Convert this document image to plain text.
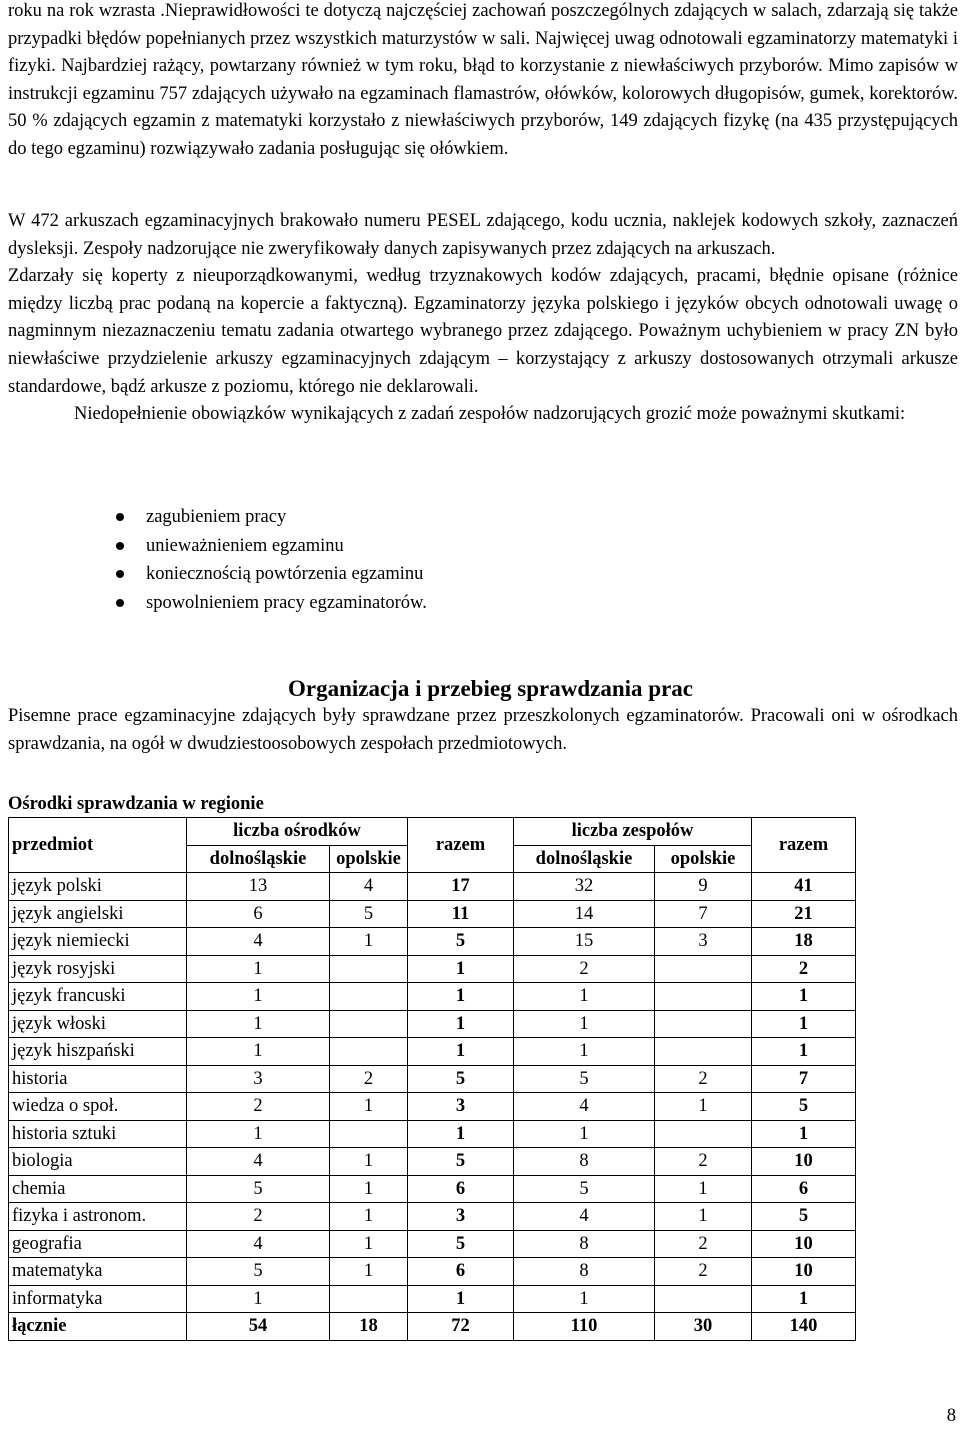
roku na rok wzrasta .Nieprawidłowości te dotyczą najczęściej zachowań poszczególnych zdających w salach, zdarzają się także przypadki błędów popełnianych przez wszystkich maturzystów w sali. Najwięcej uwag odnotowali egzaminatorzy matematyki i fizyki. Najbardziej rażący, powtarzany również w tym roku, błąd to korzystanie z niewłaściwych przyborów. Mimo zapisów w instrukcji egzaminu 757 zdających używało na egzaminach flamastrów, ołówków, kolorowych długopisów, gumek, korektorów. 50 % zdających egzamin z matematyki korzystało z niewłaściwych przyborów, 149 zdających fizykę (na 435 przystępujących do tego egzaminu) rozwiązywało zadania posługując się ołówkiem.

W 472 arkuszach egzaminacyjnych brakowało numeru PESEL zdającego, kodu ucznia, naklejek kodowych szkoły, zaznaczeń dysleksji. Zespoły nadzorujące nie zweryfikowały danych zapisywanych przez zdających na arkuszach.

Zdarzały się koperty z nieuporządkowanymi, według trzyznakowych kodów zdających, pracami, błędnie opisane (różnice między liczbą prac podaną na kopercie a faktyczną). Egzaminatorzy języka polskiego i języków obcych odnotowali uwagę o nagminnym niezaznaczeniu tematu zadania otwartego wybranego przez zdającego. Poważnym uchybieniem w pracy ZN było niewłaściwe przydzielenie arkuszy egzaminacyjnych zdającym – korzystający z arkuszy dostosowanych otrzymali arkusze standardowe, bądź arkusze z poziomu, którego nie deklarowali.

Niedopełnienie obowiązków wynikających z zadań zespołów nadzorujących grozić może poważnymi skutkami:

zagubieniem pracy
unieważnieniem egzaminu
koniecznością powtórzenia egzaminu
spowolnieniem pracy egzaminatorów.
Organizacja i przebieg sprawdzania prac

Pisemne prace egzaminacyjne zdających były sprawdzane przez przeszkolonych egzaminatorów. Pracowali oni w ośrodkach sprawdzania, na ogół w dwudziestoosobowych zespołach przedmiotowych.

Ośrodki sprawdzania w regionie
przedmiot	liczba ośrodków		razem	liczba zespołów		razem
	dolnośląskie	opolskie		dolnośląskie	opolskie	
język polski	13	4	17	32	9	41
język angielski	6	5	11	14	7	21
język niemiecki	4	1	5	15	3	18
język rosyjski	1		1	2		2
język francuski	1		1	1		1
język włoski	1		1	1		1
język hiszpański	1		1	1		1
historia	3	2	5	5	2	7
wiedza o społ.	2	1	3	4	1	5
historia sztuki	1		1	1		1
biologia	4	1	5	8	2	10
chemia	5	1	6	5	1	6
fizyka i astronom.	2	1	3	4	1	5
geografia	4	1	5	8	2	10
matematyka	5	1	6	8	2	10
informatyka	1		1	1		1
łącznie	54	18	72	110	30	140
8
